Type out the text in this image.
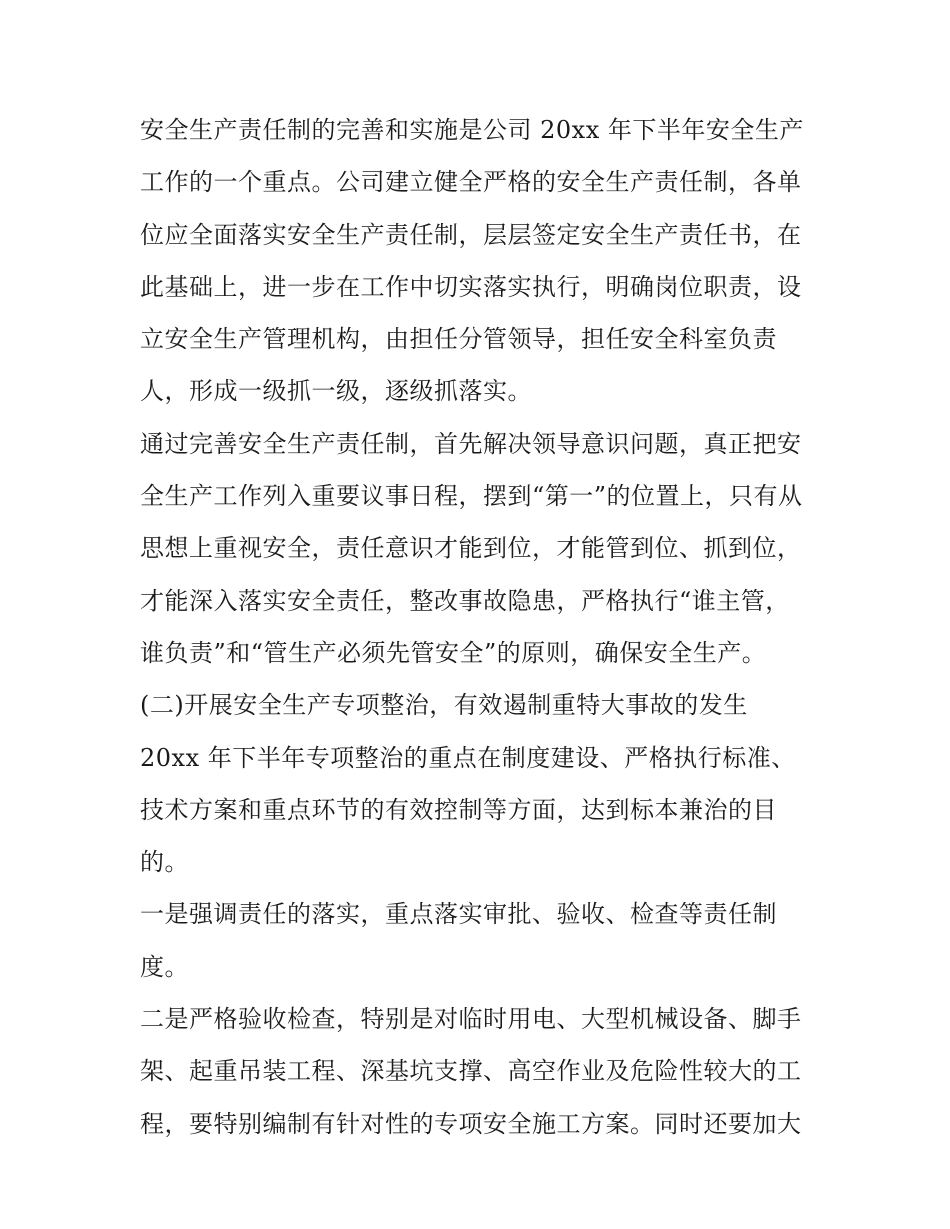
安全生产责任制的完善和实施是公司 20xx 年下半年安全生产
工作的一个重点。公司建立健全严格的安全生产责任制，各单
位应全面落实安全生产责任制，层层签定安全生产责任书，在
此基础上，进一步在工作中切实落实执行，明确岗位职责，设
立安全生产管理机构，由担任分管领导，担任安全科室负责
人，形成一级抓一级，逐级抓落实。
通过完善安全生产责任制，首先解决领导意识问题，真正把安
全生产工作列入重要议事日程，摆到“第一”的位置上，只有从
思想上重视安全，责任意识才能到位，才能管到位、抓到位，
才能深入落实安全责任，整改事故隐患，严格执行“谁主管，
谁负责”和“管生产必须先管安全”的原则，确保安全生产。
(二)开展安全生产专项整治，有效遏制重特大事故的发生
20xx 年下半年专项整治的重点在制度建设、严格执行标准、
技术方案和重点环节的有效控制等方面，达到标本兼治的目
的。
一是强调责任的落实，重点落实审批、验收、检查等责任制
度。
二是严格验收检查，特别是对临时用电、大型机械设备、脚手
架、起重吊装工程、深基坑支撑、高空作业及危险性较大的工
程，要特别编制有针对性的专项安全施工方案。同时还要加大
